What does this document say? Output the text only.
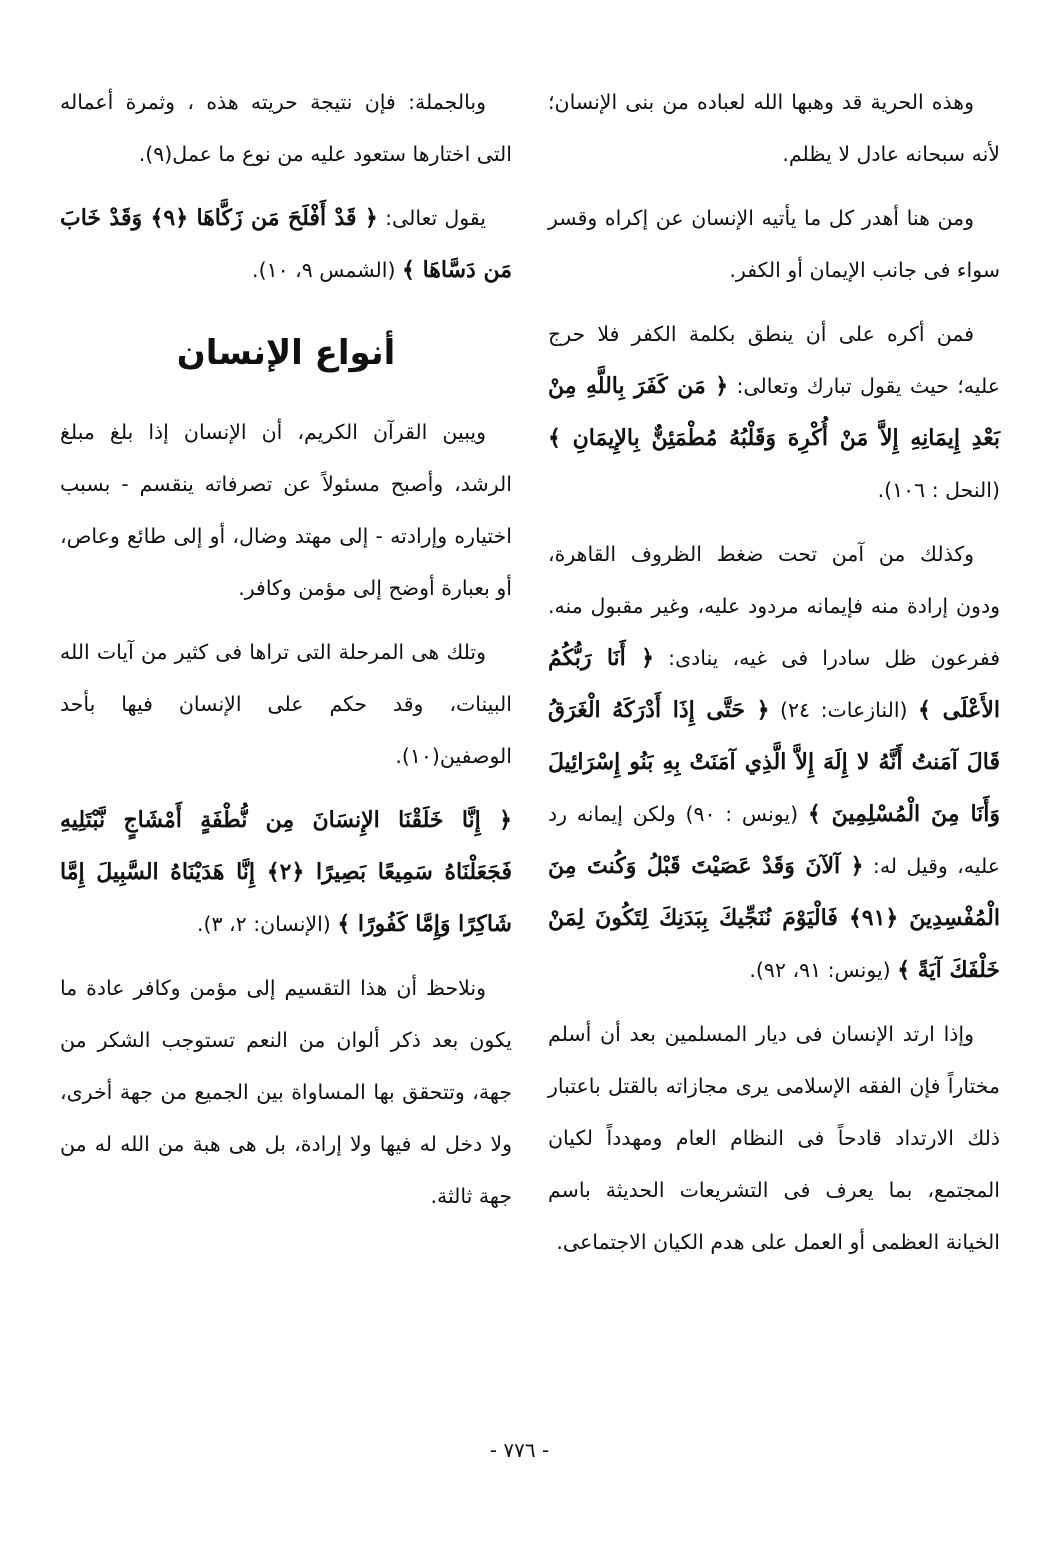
وهذه الحرية قد وهبها الله لعباده من بنى الإنسان؛ لأنه سبحانه عادل لا يظلم.

ومن هنا أهدر كل ما يأتيه الإنسان عن إكراه وقسر سواء فى جانب الإيمان أو الكفر.

فمن أكره على أن ينطق بكلمة الكفر فلا حرج عليه؛ حيث يقول تبارك وتعالى: ﴿ مَن كَفَرَ بِاللَّهِ مِنْ بَعْدِ إِيمَانِهِ إِلاَّ مَنْ أُكْرِهَ وَقَلْبُهُ مُطْمَئِنٌّ بِالإِيمَانِ ﴾ (النحل : ١٠٦).

وكذلك من آمن تحت ضغط الظروف القاهرة، ودون إرادة منه فإيمانه مردود عليه، وغير مقبول منه. ففرعون ظل سادرا فى غيه، ينادى: ﴿ أَنَا رَبُّكُمُ الأَعْلَى ﴾ (النازعات: ٢٤) ﴿ حَتَّى إِذَا أَدْرَكَهُ الْغَرَقُ قَالَ آمَنتُ أَنَّهُ لا إِلَهَ إِلاَّ الَّذِي آمَنَتْ بِهِ بَنُو إِسْرَائِيلَ وَأَنَا مِنَ الْمُسْلِمِينَ ﴾ (يونس : ٩٠) ولكن إيمانه رد عليه، وقيل له: ﴿ آلآنَ وَقَدْ عَصَيْتَ قَبْلُ وَكُنتَ مِنَ الْمُفْسِدِينَ ﴿٩١﴾ فَالْيَوْمَ نُنَجِّيكَ بِبَدَنِكَ لِتَكُونَ لِمَنْ خَلْفَكَ آيَةً ﴾ (يونس: ٩١، ٩٢).

وإذا ارتد الإنسان فى ديار المسلمين بعد أن أسلم مختاراً فإن الفقه الإسلامى يرى مجازاته بالقتل باعتبار ذلك الارتداد قادحاً فى النظام العام ومهدداً لكيان المجتمع، بما يعرف فى التشريعات الحديثة باسم الخيانة العظمى أو العمل على هدم الكيان الاجتماعى.

وبالجملة: فإن نتيجة حريته هذه ، وثمرة أعماله التى اختارها ستعود عليه من نوع ما عمل(٩).

يقول تعالى: ﴿ قَدْ أَفْلَحَ مَن زَكَّاهَا ﴿٩﴾ وَقَدْ خَابَ مَن دَسَّاهَا ﴾ (الشمس ٩، ١٠).

أنواع الإنسان

ويبين القرآن الكريم، أن الإنسان إذا بلغ مبلغ الرشد، وأصبح مسئولاً عن تصرفاته ينقسم - بسبب اختياره وإرادته - إلى مهتد وضال، أو إلى طائع وعاص، أو بعبارة أوضح إلى مؤمن وكافر.

وتلك هى المرحلة التى تراها فى كثير من آيات الله البينات، وقد حكم على الإنسان فيها بأحد الوصفين(١٠).

﴿ إِنَّا خَلَقْنَا الإِنسَانَ مِن نُّطْفَةٍ أَمْشَاجٍ نَّبْتَلِيهِ فَجَعَلْنَاهُ سَمِيعًا بَصِيرًا ﴿٢﴾ إِنَّا هَدَيْنَاهُ السَّبِيلَ إِمَّا شَاكِرًا وَإِمَّا كَفُورًا ﴾ (الإنسان: ٢، ٣).

ونلاحظ أن هذا التقسيم إلى مؤمن وكافر عادة ما يكون بعد ذكر ألوان من النعم تستوجب الشكر من جهة، وتتحقق بها المساواة بين الجميع من جهة أخرى، ولا دخل له فيها ولا إرادة، بل هى هبة من الله له من جهة ثالثة.

- ٧٧٦ -
